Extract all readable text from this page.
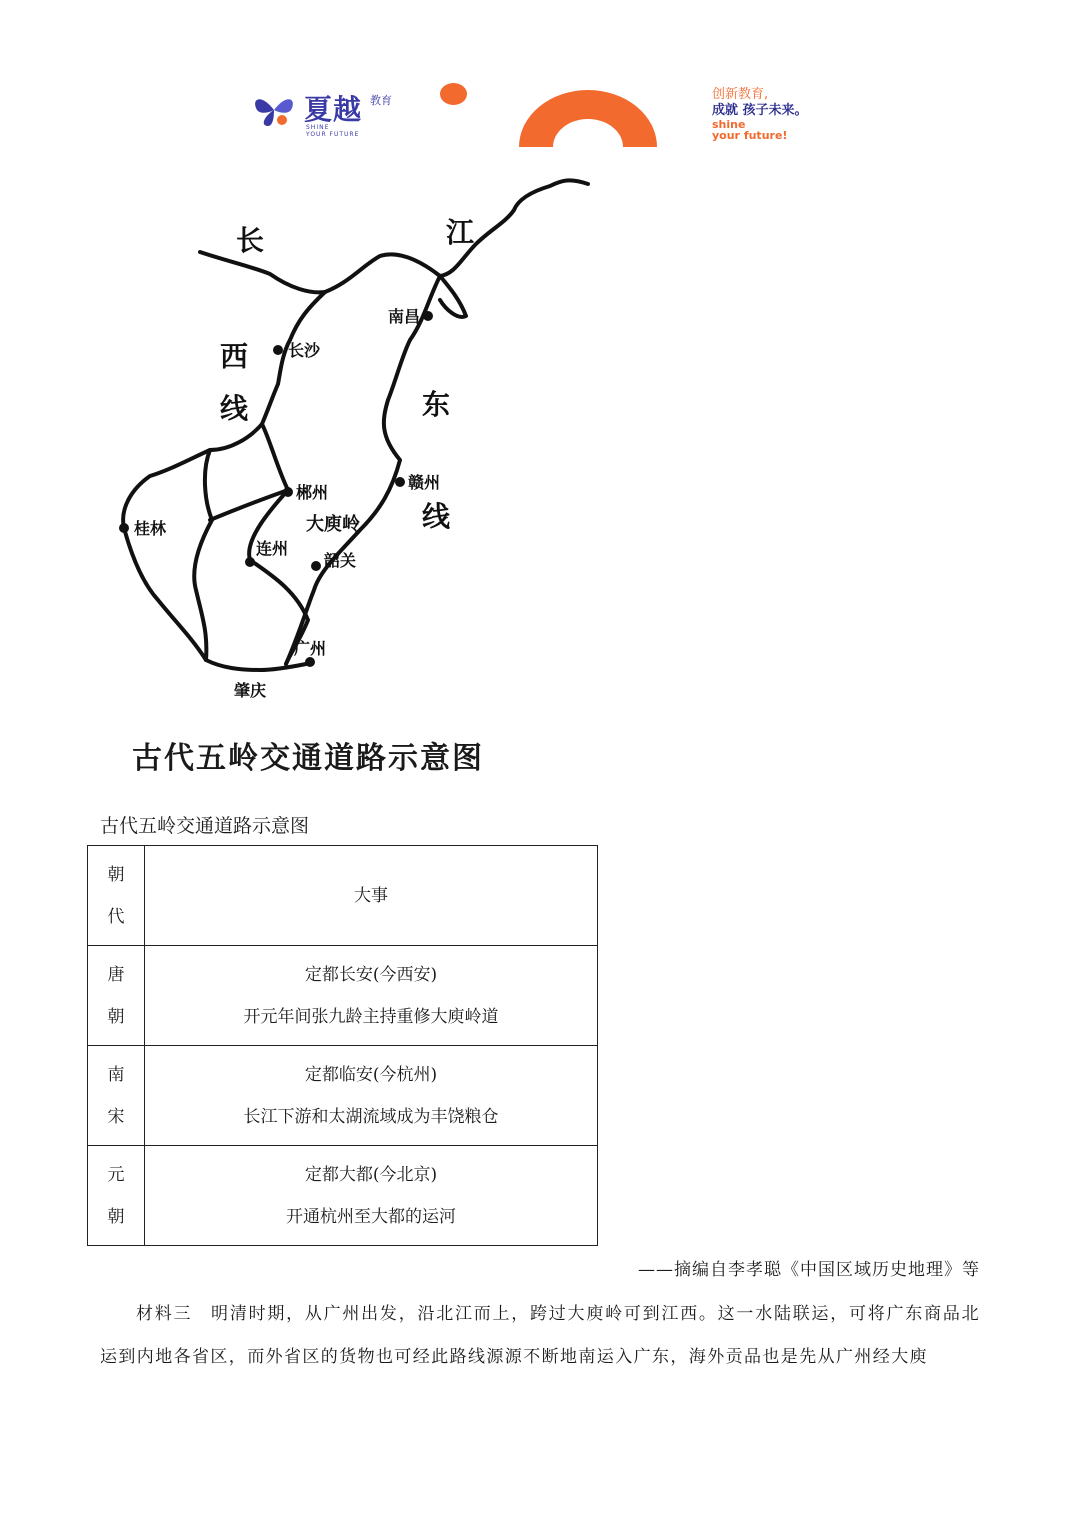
夏越 教育
SHINE
YOUR FUTURE
创新教育,
成就 孩子未来。
shine
your future!
长	江
西
线	东
线
南昌
长沙
赣州
郴州
桂林
连州
韶关
大庾岭
广州
肇庆
古代五岭交通道路示意图
古代五岭交通道路示意图
朝代	大事
唐朝	定都长安(今西安)
开元年间张九龄主持重修大庾岭道

南宋	定都临安(今杭州)
长江下游和太湖流域成为丰饶粮仓

元朝	定都大都(今北京)
开通杭州至大都的运河
——摘编自李孝聪《中国区域历史地理》等
材料三　明清时期，从广州出发，沿北江而上，跨过大庾岭可到江西。这一水陆联运，可将广东商品北运到内地各省区，而外省区的货物也可经此路线源源不断地南运入广东，海外贡品也是先从广州经大庾
